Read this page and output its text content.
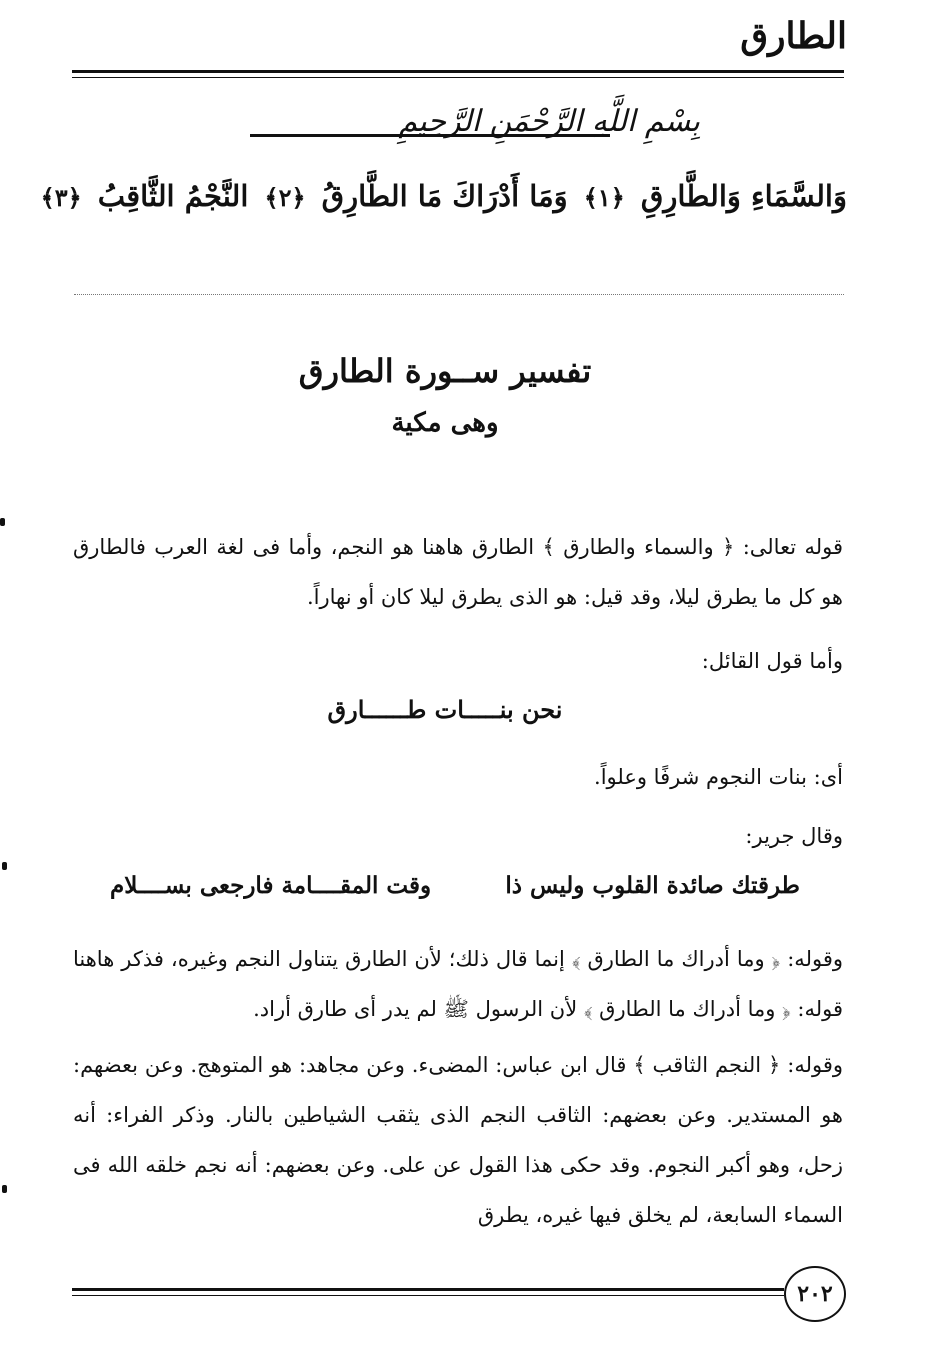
الطارق
بِسْمِ اللَّهِ الرَّحْمَنِ الرَّحِيمِ
وَالسَّمَاءِ وَالطَّارِقِ ﴿١﴾ وَمَا أَدْرَاكَ مَا الطَّارِقُ ﴿٢﴾ النَّجْمُ الثَّاقِبُ ﴿٣﴾
تفسير ســورة الطارق
وهى مكية
قوله تعالى: ﴿ والسماء والطارق ﴾ الطارق هاهنا هو النجم، وأما فى لغة العرب فالطارق هو كل ما يطرق ليلا، وقد قيل: هو الذى يطرق ليلا كان أو نهاراً.
وأما قول القائل:
نحن بنـــــات طــــــارق
أى: بنات النجوم شرفًا وعلواً.
وقال جرير:
طرقتك صائدة القلوب وليس ذا
وقت المقــــامة فارجعى بســــلام
وقوله: ﴿ وما أدراك ما الطارق ﴾ إنما قال ذلك؛ لأن الطارق يتناول النجم وغيره، فذكر هاهنا قوله: ﴿ وما أدراك ما الطارق ﴾ لأن الرسول ﷺ لم يدر أى طارق أراد.
وقوله: ﴿ النجم الثاقب ﴾ قال ابن عباس: المضىء. وعن مجاهد: هو المتوهج. وعن بعضهم: هو المستدير. وعن بعضهم: الثاقب النجم الذى يثقب الشياطين بالنار. وذكر الفراء: أنه زحل، وهو أكبر النجوم. وقد حكى هذا القول عن على. وعن بعضهم: أنه نجم خلقه الله فى السماء السابعة، لم يخلق فيها غيره، يطرق
٢٠٢
